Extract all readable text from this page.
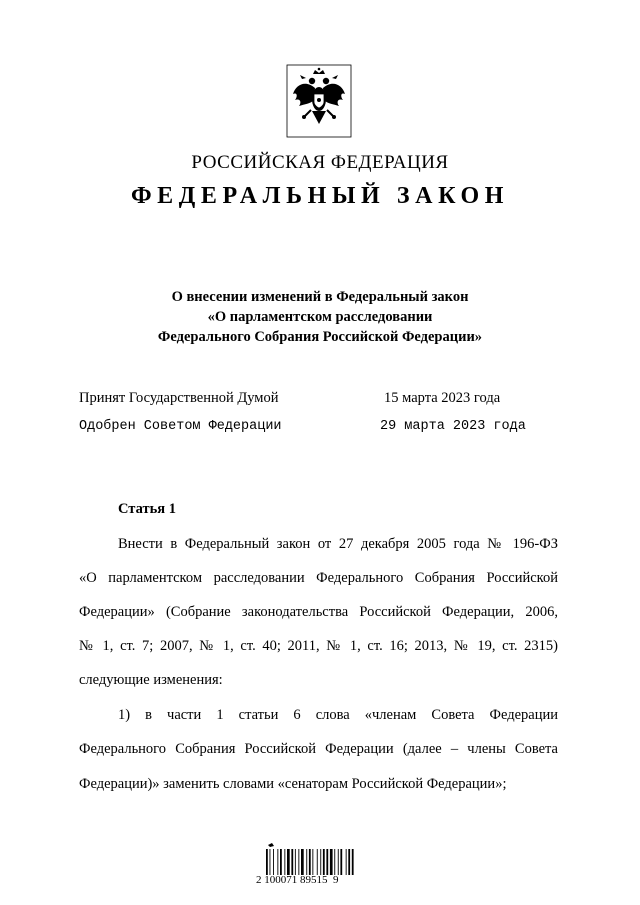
РОССИЙСКАЯ ФЕДЕРАЦИЯ
ФЕДЕРАЛЬНЫЙ ЗАКОН
О внесении изменений в Федеральный закон
«О парламентском расследовании
Федерального Собрания Российской Федерации»
Принят Государственной Думой	15 марта 2023 года
Одобрен Советом Федерации	29 марта 2023 года
Статья 1
Внести в Федеральный закон от 27 декабря 2005 года № 196-ФЗ
«О парламентском расследовании Федерального Собрания Российской
Федерации» (Собрание законодательства Российской Федерации, 2006,
№ 1, ст. 7; 2007, № 1, ст. 40; 2011, № 1, ст. 16; 2013, № 19, ст. 2315)
следующие изменения:
1) в части 1 статьи 6 слова «членам Совета Федерации
Федерального Собрания Российской Федерации (далее – члены Совета
Федерации)» заменить словами «сенаторам Российской Федерации»;
2 100071 89515  9
